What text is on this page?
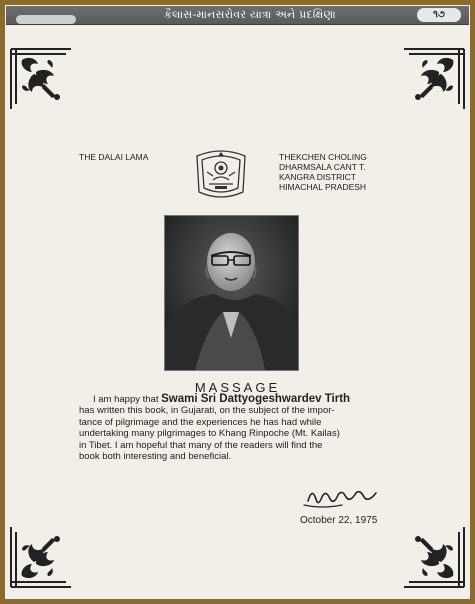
કૈલાસ-માનસરોવર યાત્રા અને પ્રદક્ષિણા	૧૭
THE DALAI LAMA	THEKCHEN CHOLING
DHARMSALA CANT T.
KANGRA DISTRICT
HIMACHAL PRADESH
MASSAGE
I am happy that Swami Sri Dattyogeshwardev Tirth
has written this book, in Gujarati, on the subject of the impor-
tance of pilgrimage and the experiences he has had while
undertaking many pilgrimages to Khang Rinpoche (Mt. Kailas)
in Tibet. I am hopeful that many of the readers will find the
book both interesting and beneficial.
October 22, 1975
